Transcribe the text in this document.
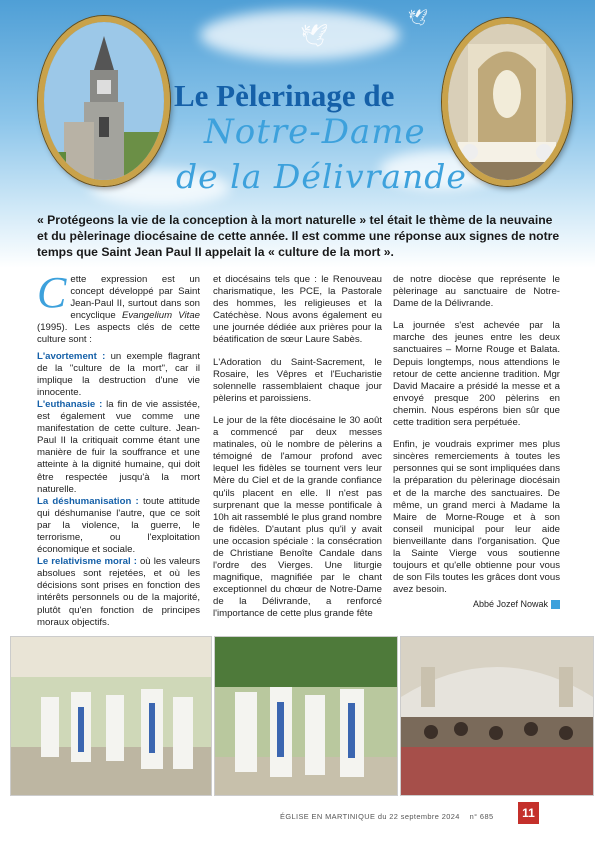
🕊
🕊
Le Pèlerinage de
Notre-Dame
de la Délivrande
« Protégeons la vie de la conception à la mort naturelle » tel était le thème de la neuvaine et du pèlerinage diocésaine de cette année. Il est comme une réponse aux signes de notre temps que Saint Jean Paul II appelait la « culture de la mort ».

Cette expression est un concept développé par Saint Jean-Paul II, surtout dans son encyclique Evangelium Vitae (1995). Les aspects clés de cette culture sont :

L'avortement : un exemple flagrant de la "culture de la mort", car il implique la destruction d'une vie innocente.
L'euthanasie : la fin de vie assistée, est également vue comme une manifestation de cette culture. Jean-Paul II la critiquait comme étant une manière de fuir la souffrance et une atteinte à la dignité humaine, qui doit être respectée jusqu'à la mort naturelle.
La déshumanisation : toute attitude qui déshumanise l'autre, que ce soit par la violence, la guerre, le terrorisme, ou l'exploitation économique et sociale.
Le relativisme moral : où les valeurs absolues sont rejetées, et où les décisions sont prises en fonction des intérêts personnels ou de la majorité, plutôt qu'en fonction de principes moraux objectifs.

et diocésains tels que : le Renouveau charismatique, les PCE, la Pastorale des hommes, les religieuses et la Catéchèse. Nous avons également eu une journée dédiée aux prières pour la béatification de sœur Laure Sabès.

L'Adoration du Saint-Sacrement, le Rosaire, les Vêpres et l'Eucharistie solennelle rassemblaient chaque jour pèlerins et paroissiens.

Le jour de la fête diocésaine le 30 août a commencé par deux messes matinales, où le nombre de pèlerins a témoigné de l'amour profond avec lequel les fidèles se tournent vers leur Mère du Ciel et de la grande confiance qu'ils placent en elle. Il n'est pas surprenant que la messe pontificale à 10h ait rassemblé le plus grand nombre de fidèles. D'autant plus qu'il y avait une occasion spéciale : la consécration de Christiane Benoîte Candale dans l'ordre des Vierges. Une liturgie magnifique, magnifiée par le chant exceptionnel du chœur de Notre-Dame de la Délivrande, a renforcé l'importance de cette plus grande fête

de notre diocèse que représente le pèlerinage au sanctuaire de Notre-Dame de la Délivrande.

La journée s'est achevée par la marche des jeunes entre les deux sanctuaires – Morne Rouge et Balata. Depuis longtemps, nous attendions le retour de cette ancienne tradition. Mgr David Macaire a présidé la messe et a envoyé presque 200 pèlerins en chemin. Nous espérons bien sûr que cette tradition sera perpétuée.

Enfin, je voudrais exprimer mes plus sincères remerciements à toutes les personnes qui se sont impliquées dans la préparation du pèlerinage diocésain et de la marche des sanctuaires. De même, un grand merci à Madame la Maire de Morne-Rouge et à son conseil municipal pour leur aide bienveillante dans l'organisation. Que la Sainte Vierge vous soutienne toujours et qu'elle obtienne pour vous de son Fils toutes les grâces dont vous avez besoin.

Abbé Jozef Nowak
ÉGLISE EN MARTINIQUE du 22 septembre 2024 n° 685	11
